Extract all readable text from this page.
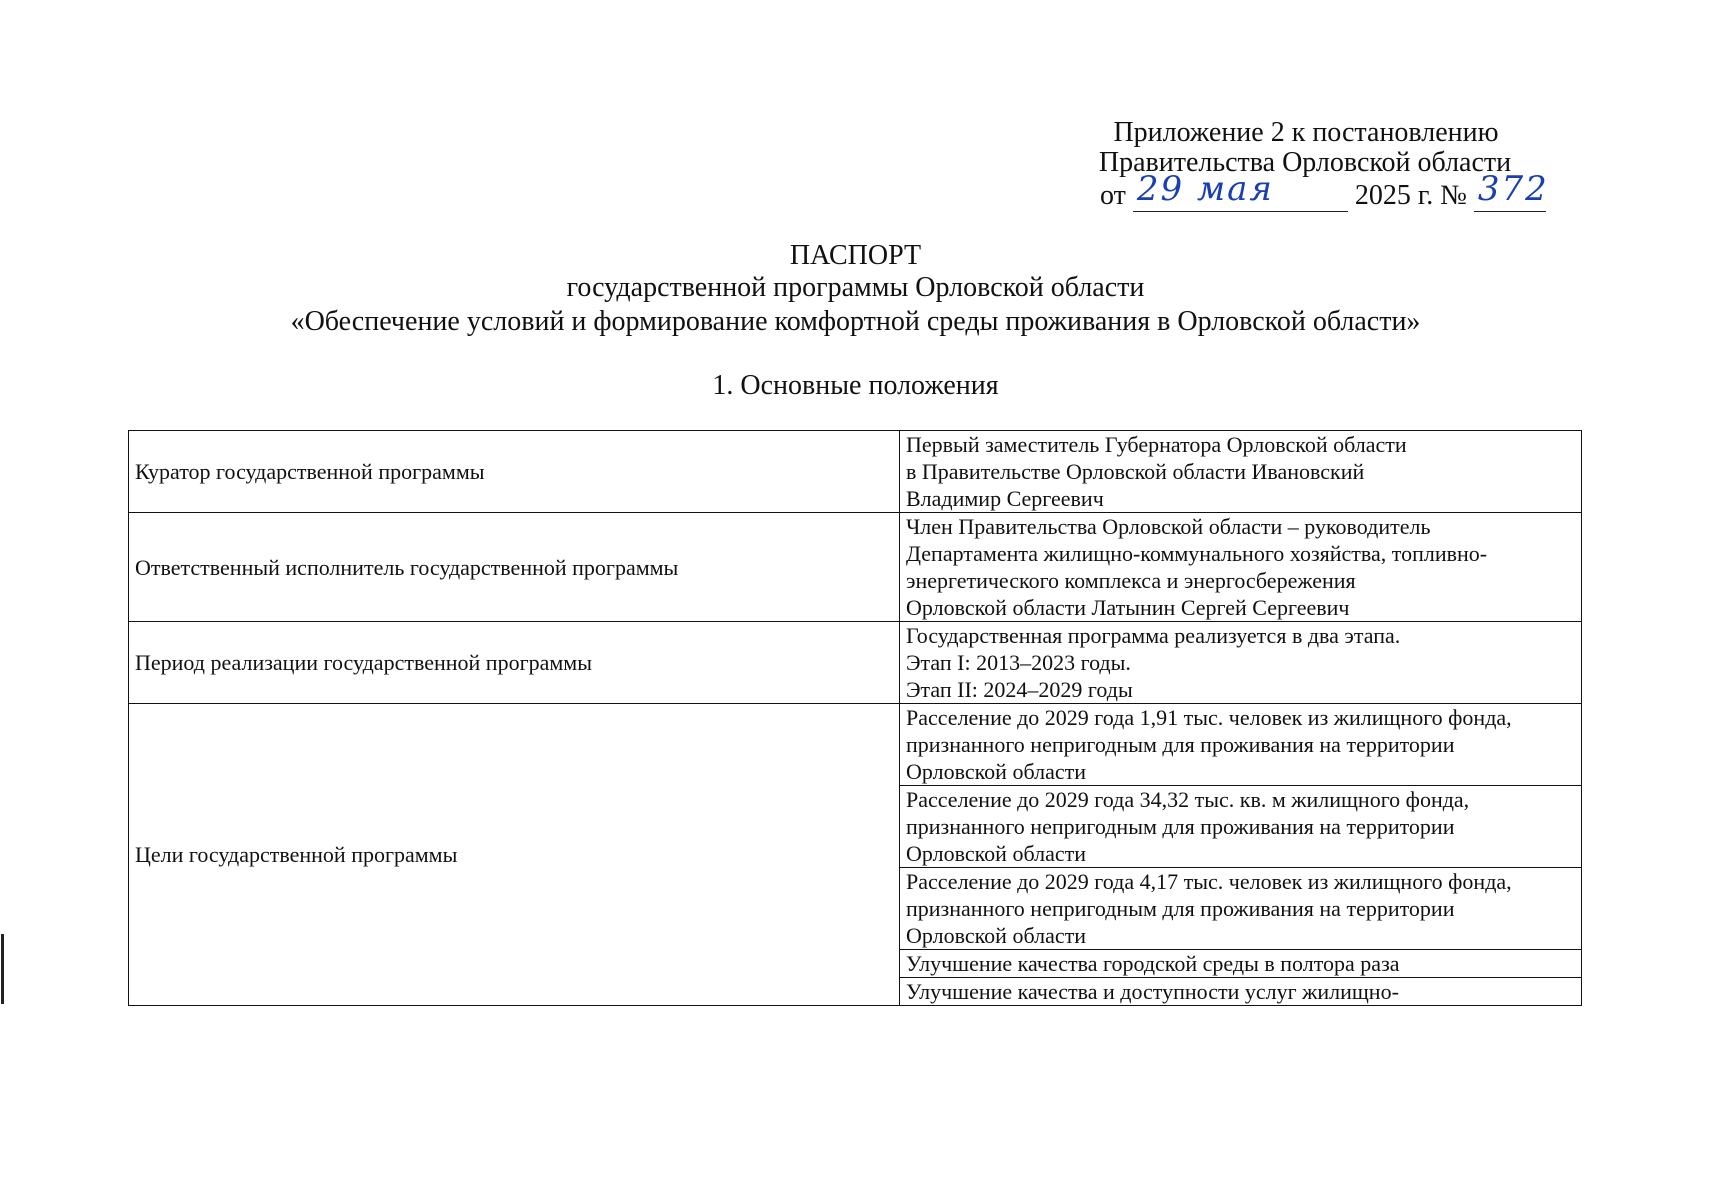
Приложение 2 к постановлению
Правительства Орловской области
от 29 мая	2025 г. № 372
ПАСПОРТ
государственной программы Орловской области
«Обеспечение условий и формирование комфортной среды проживания в Орловской области»
1. Основные положения
Куратор государственной программы	Первый заместитель Губернатора Орловской области
в Правительстве Орловской области Ивановский
Владимир Сергеевич

Ответственный исполнитель государственной программы	Член Правительства Орловской области – руководитель
Департамента жилищно-коммунального хозяйства, топливно-
энергетического комплекса и энергосбережения
Орловской области Латынин Сергей Сергеевич

Период реализации государственной программы	Государственная программа реализуется в два этапа.
Этап I: 2013–2023 годы.
Этап II: 2024–2029 годы

Цели государственной программы	Расселение до 2029 года 1,91 тыс. человек из жилищного фонда,
признанного непригодным для проживания на территории
Орловской области

	Расселение до 2029 года 34,32 тыс. кв. м жилищного фонда,
признанного непригодным для проживания на территории
Орловской области

	Расселение до 2029 года 4,17 тыс. человек из жилищного фонда,
признанного непригодным для проживания на территории
Орловской области

	Улучшение качества городской среды в полтора раза

	Улучшение качества и доступности услуг жилищно-
